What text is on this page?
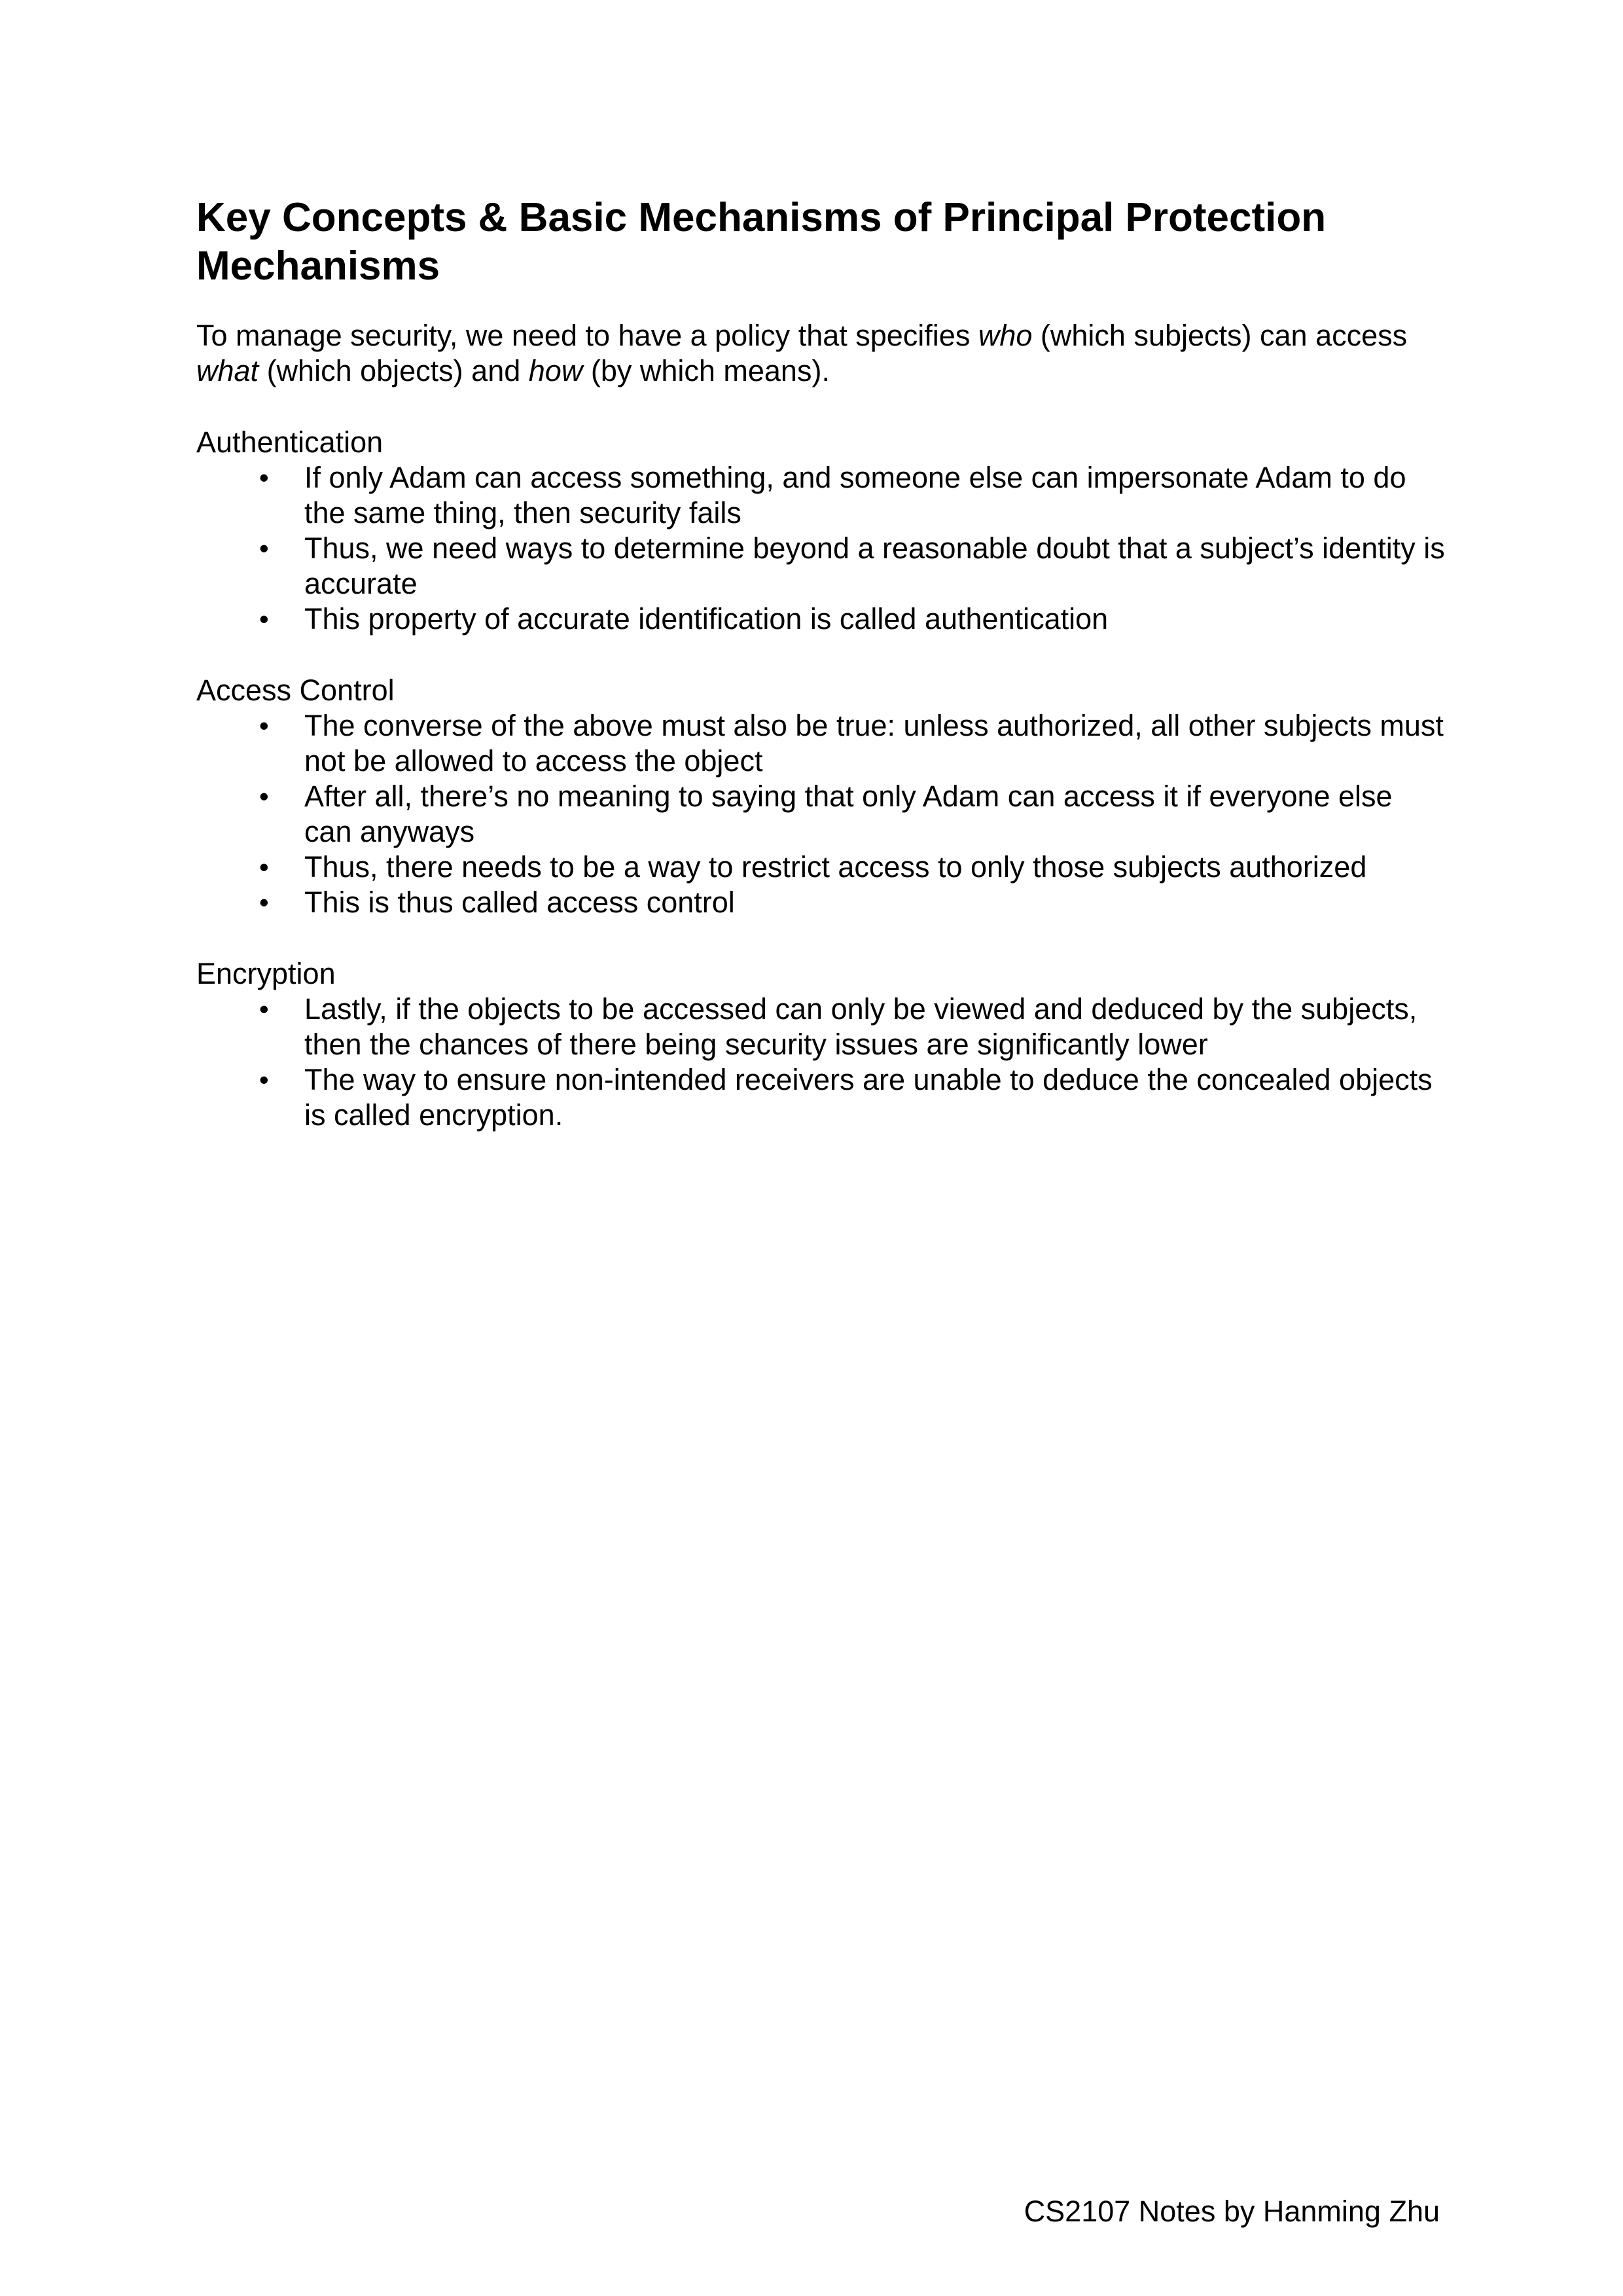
Key Concepts & Basic Mechanisms of Principal Protection Mechanisms

To manage security, we need to have a policy that specifies who (which subjects) can access what (which objects) and how (by which means).

Authentication
• If only Adam can access something, and someone else can impersonate Adam to do the same thing, then security fails
• Thus, we need ways to determine beyond a reasonable doubt that a subject’s identity is accurate
• This property of accurate identification is called authentication
Access Control
• The converse of the above must also be true: unless authorized, all other subjects must not be allowed to access the object
• After all, there’s no meaning to saying that only Adam can access it if everyone else can anyways
• Thus, there needs to be a way to restrict access to only those subjects authorized
• This is thus called access control
Encryption
• Lastly, if the objects to be accessed can only be viewed and deduced by the subjects, then the chances of there being security issues are significantly lower
• The way to ensure non-intended receivers are unable to deduce the concealed objects is called encryption.
CS2107 Notes by Hanming Zhu
